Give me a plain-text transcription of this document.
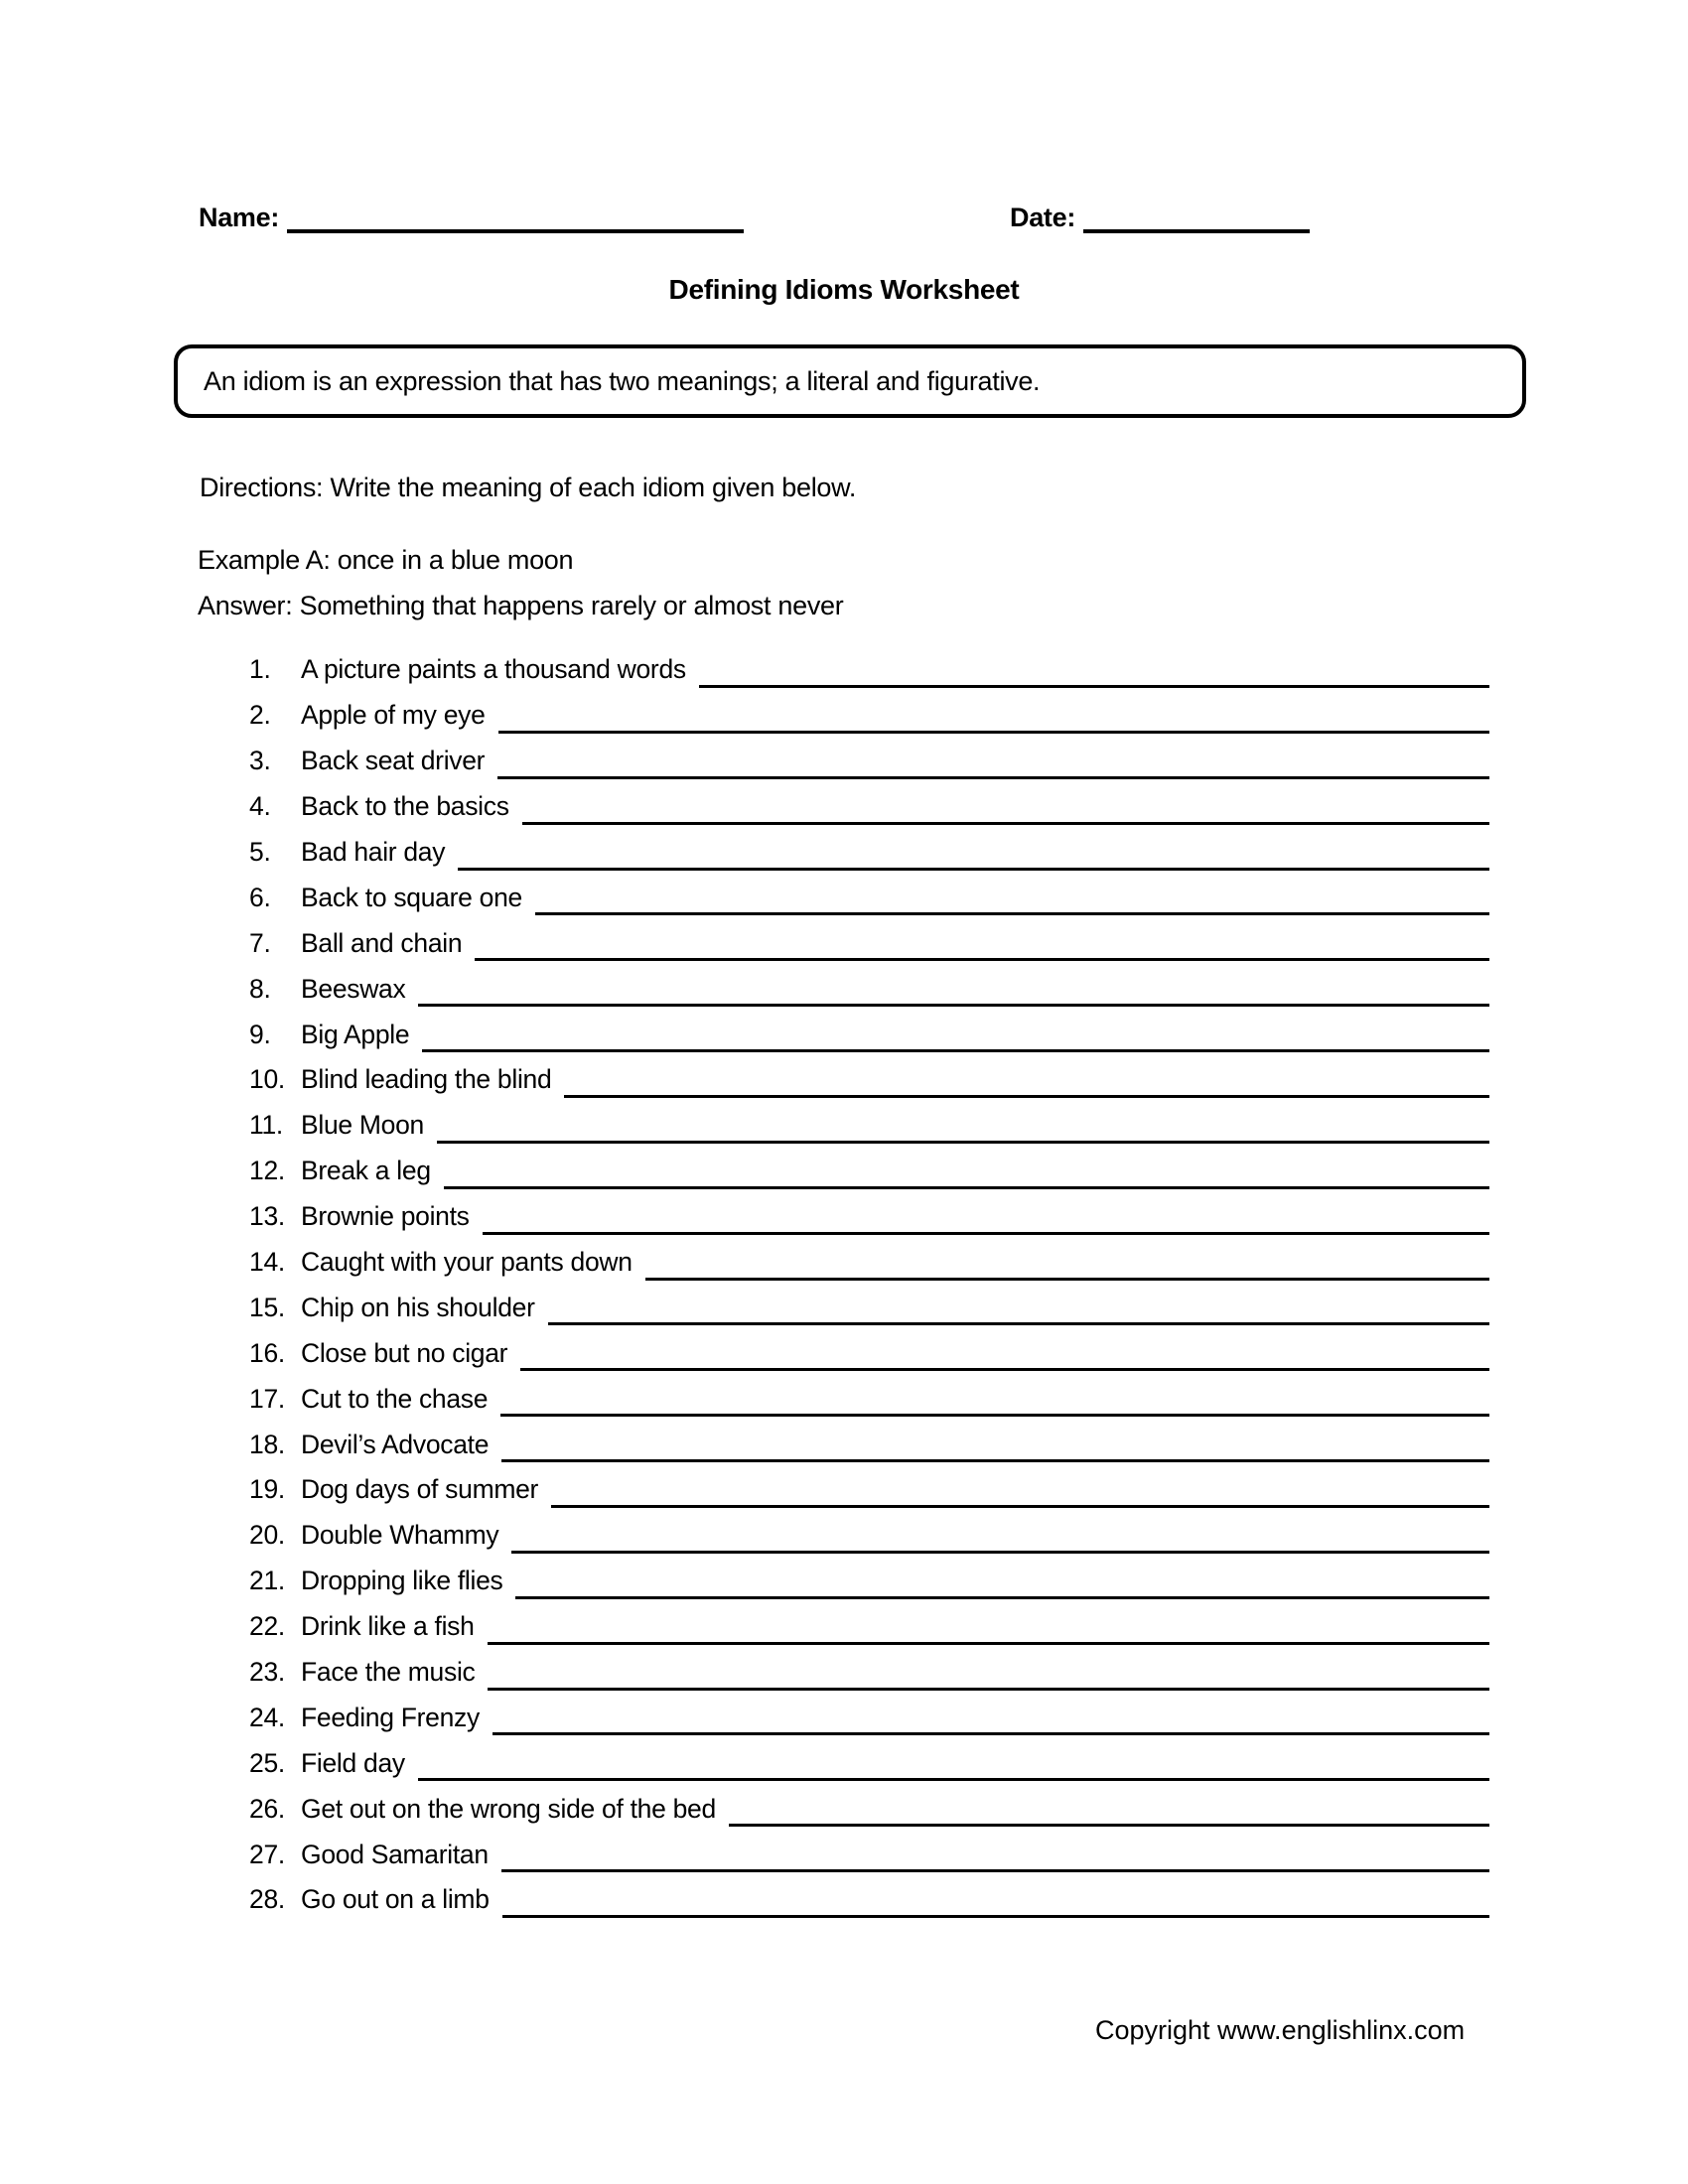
Name:	Date:
Defining Idioms Worksheet
An idiom is an expression that has two meanings; a literal and figurative.
Directions: Write the meaning of each idiom given below.
Example A: once in a blue moon
Answer: Something that happens rarely or almost never
1.	A picture paints a thousand words
2.	Apple of my eye
3.	Back seat driver
4.	Back to the basics
5.	Bad hair day
6.	Back to square one
7.	Ball and chain
8.	Beeswax
9.	Big Apple
10. Blind leading the blind
11. Blue Moon
12. Break a leg
13. Brownie points
14. Caught with your pants down
15. Chip on his shoulder
16. Close but no cigar
17. Cut to the chase
18. Devil’s Advocate
19. Dog days of summer
20. Double Whammy
21. Dropping like flies
22. Drink like a fish
23. Face the music
24. Feeding Frenzy
25. Field day
26. Get out on the wrong side of the bed
27. Good Samaritan
28. Go out on a limb
Copyright www.englishlinx.com
